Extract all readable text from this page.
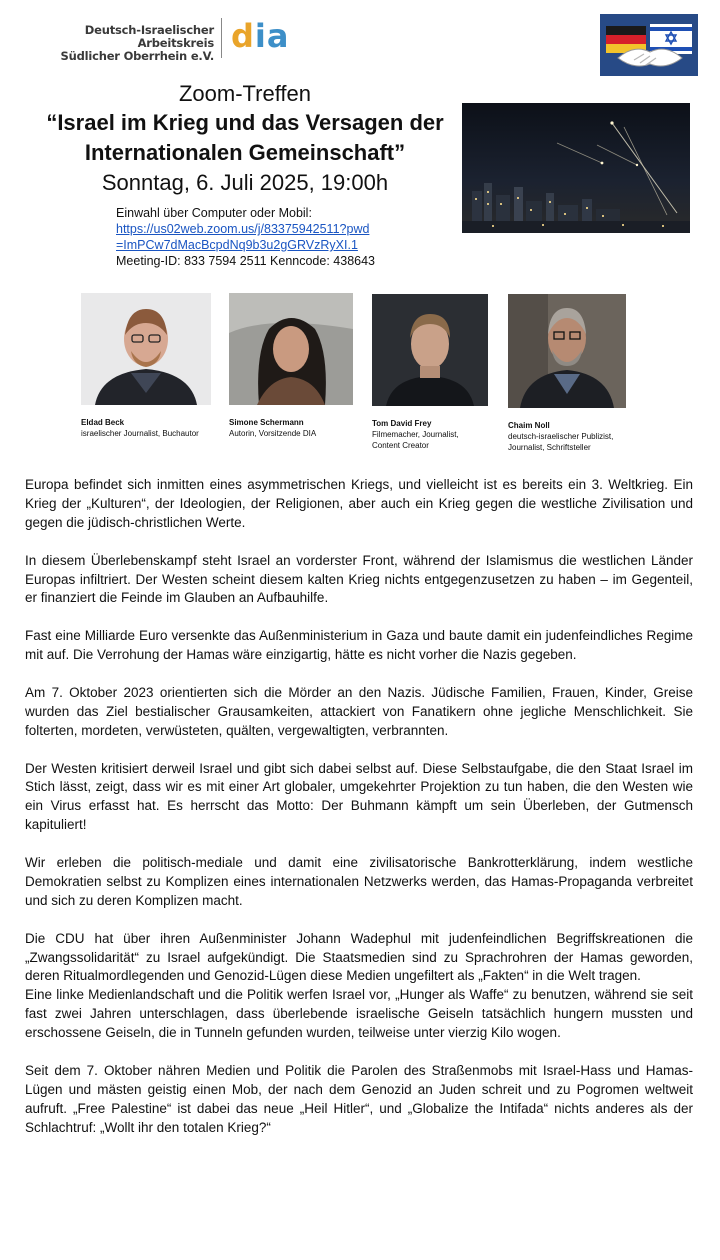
Deutsch-Israelischer Arbeitskreis
Südlicher Oberrhein e.V.
dia
Zoom-Treffen
“Israel im Krieg und das Versagen der
Internationalen Gemeinschaft”
Sonntag, 6. Juli 2025, 19:00h
Einwahl über Computer oder Mobil:
https://us02web.zoom.us/j/83375942511?pwd
=ImPCw7dMacBcpdNq9b3u2gGRVzRyXI.1
Meeting-ID: 833 7594 2511 Kenncode: 438643
Eldad Beck
israelischer Journalist, Buchautor
Simone Schermann
Autorin, Vorsitzende DIA
Tom David Frey
Filmemacher, Journalist,
Content Creator
Chaim Noll
deutsch-israelischer Publizist,
Journalist, Schriftsteller

Europa befindet sich inmitten eines asymmetrischen Kriegs, und vielleicht ist es bereits ein 3. Weltkrieg. Ein Krieg der „Kulturen“, der Ideologien, der Religionen, aber auch ein Krieg gegen die westliche Zivilisation und gegen die jüdisch-christlichen Werte.

In diesem Überlebenskampf steht Israel an vorderster Front, während der Islamismus die westlichen Länder Europas infiltriert. Der Westen scheint diesem kalten Krieg nichts entgegenzusetzen zu haben – im Gegenteil, er finanziert die Feinde im Glauben an Aufbauhilfe.

Fast eine Milliarde Euro versenkte das Außenministerium in Gaza und baute damit ein judenfeindliches Regime mit auf. Die Verrohung der Hamas wäre einzigartig, hätte es nicht vorher die Nazis gegeben.

Am 7. Oktober 2023 orientierten sich die Mörder an den Nazis. Jüdische Familien, Frauen, Kinder, Greise wurden das Ziel bestialischer Grausamkeiten, attackiert von Fanatikern ohne jegliche Menschlichkeit. Sie folterten, mordeten, verwüsteten, quälten, vergewaltigten, verbrannten.

Der Westen kritisiert derweil Israel und gibt sich dabei selbst auf. Diese Selbstaufgabe, die den Staat Israel im Stich lässt, zeigt, dass wir es mit einer Art globaler, umgekehrter Projektion zu tun haben, die den Westen wie ein Virus erfasst hat. Es herrscht das Motto: Der Buhmann kämpft um sein Überleben, der Gutmensch kapituliert!

Wir erleben die politisch-mediale und damit eine zivilisatorische Bankrotterklärung, indem westliche Demokratien selbst zu Komplizen eines internationalen Netzwerks werden, das Hamas-Propaganda verbreitet und sich zu deren Komplizen macht.

Die CDU hat über ihren Außenminister Johann Wadephul mit judenfeindlichen Begriffskreationen die „Zwangssolidarität“ zu Israel aufgekündigt. Die Staatsmedien sind zu Sprachrohren der Hamas geworden, deren Ritualmordlegenden und Genozid-Lügen diese Medien ungefiltert als „Fakten“ in die Welt tragen.

Eine linke Medienlandschaft und die Politik werfen Israel vor, „Hunger als Waffe“ zu benutzen, während sie seit fast zwei Jahren unterschlagen, dass überlebende israelische Geiseln tatsächlich hungern mussten und erschossene Geiseln, die in Tunneln gefunden wurden, teilweise unter vierzig Kilo wogen.

Seit dem 7. Oktober nähren Medien und Politik die Parolen des Straßenmobs mit Israel-Hass und Hamas-Lügen und mästen geistig einen Mob, der nach dem Genozid an Juden schreit und zu Pogromen weltweit aufruft. „Free Palestine“ ist dabei das neue „Heil Hitler“, und „Globalize the Intifada“ nichts anderes als der Schlachtruf: „Wollt ihr den totalen Krieg?“
